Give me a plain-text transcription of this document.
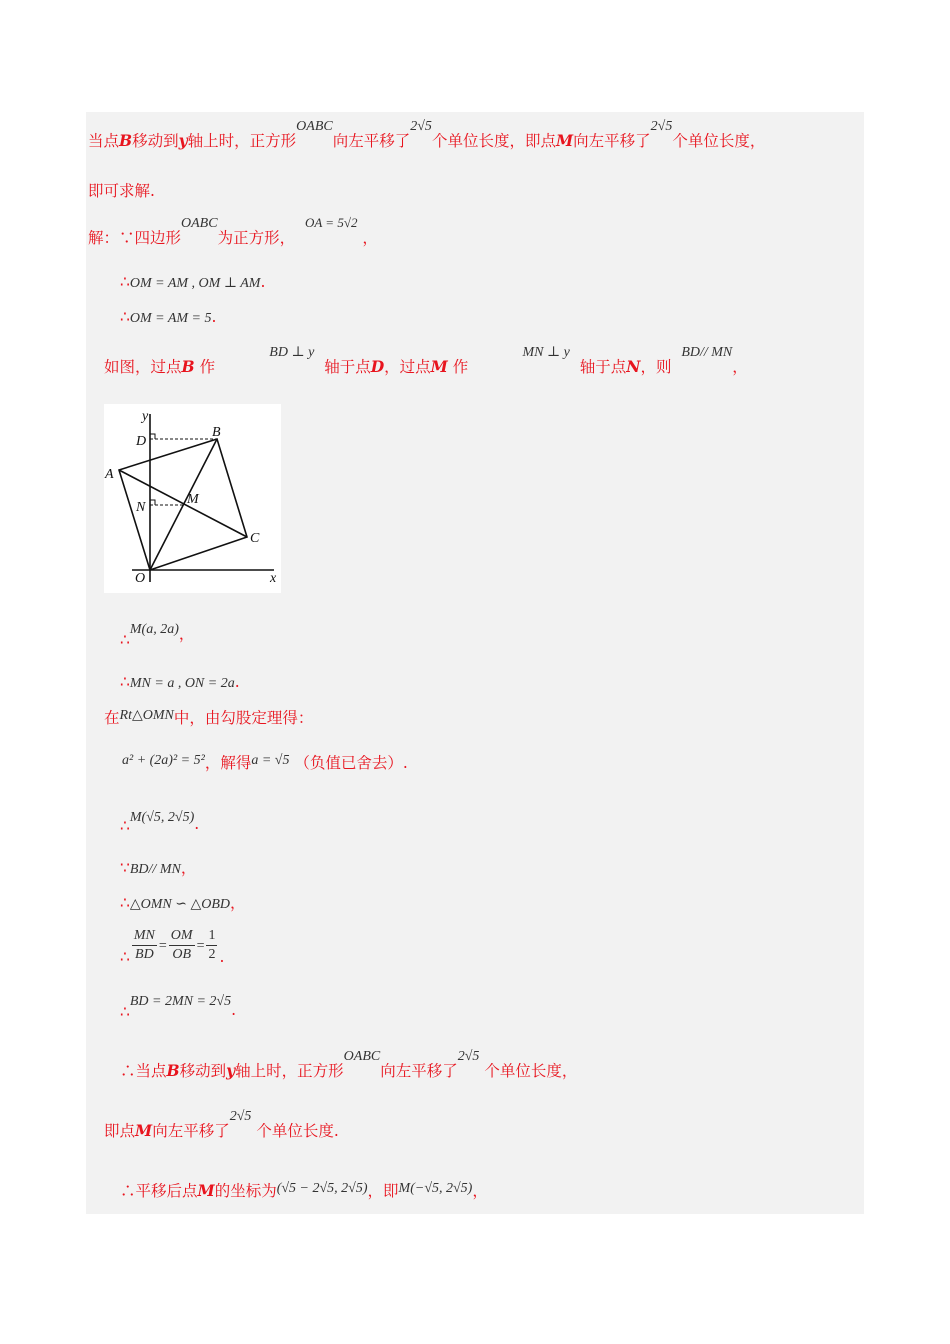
当点B移动到y轴上时，正方形OABC向左平移了2√5个单位长度，即点M向左平移了2√5个单位长度，
即可求解.
解：∵四边形OABC为正方形，  $^{OA = 5√2}$ ，
∴OM = AM , OM ⊥ AM.
∴OM = AM = 5.
如图，过点B 作           BD ⊥ y  轴于点D，过点M 作           MN ⊥ y  轴于点N，则  BD// MN，
y
x
O
A
B
C
D
N
M
∴M(a, 2a)，
∴MN = a , ON = 2a.
在Rt△OMN中，由勾股定理得：
a² + (2a)² = 5²，解得a = √5 （负值已舍去）.
∴M(√5, 2√5).
∵BD// MN，
∴△OMN ∽ △OBD，
∴ $\frac{MN}{BD} = \frac{OM}{OB} = \frac{1}{2}$ .
∴BD = 2MN = 2√5.
∴当点B移动到y轴上时，正方形OABC向左平移了2√5 个单位长度，
即点M向左平移了2√5 个单位长度.
∴平移后点M的坐标为(√5 − 2√5, 2√5)，即M(−√5, 2√5)，
